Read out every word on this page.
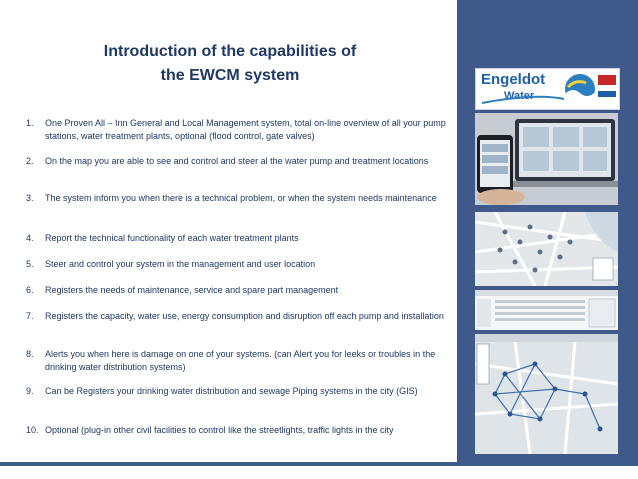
Introduction of the capabilities of
the EWCM system
1.	One Proven All – Inn General and Local Management system, total on-line overview of all your pump stations, water treatment plants, optional (flood control, gate valves)
2.	On the map you are able to see and control and steer al the water pump and treatment locations
3.	The system inform you when there is a technical problem, or when the system needs maintenance
4.	Report the technical functionality of each water treatment plants
5.	Steer and control your system in the management and user location
6.	Registers the needs of maintenance, service and spare part management
7.	Registers the capacity, water use, energy consumption and disruption off each pump and installation
8.	Alerts you when here is damage on one of your systems. (can Alert you for leeks or troubles in the drinking water distribution systems)
9.	Can be Registers your drinking water distribution and sewage Piping systems in the city (GIS)
10. Optional (plug-in other civil facilities to control like the streetlights, traffic lights in the city
Engeldot
Water
